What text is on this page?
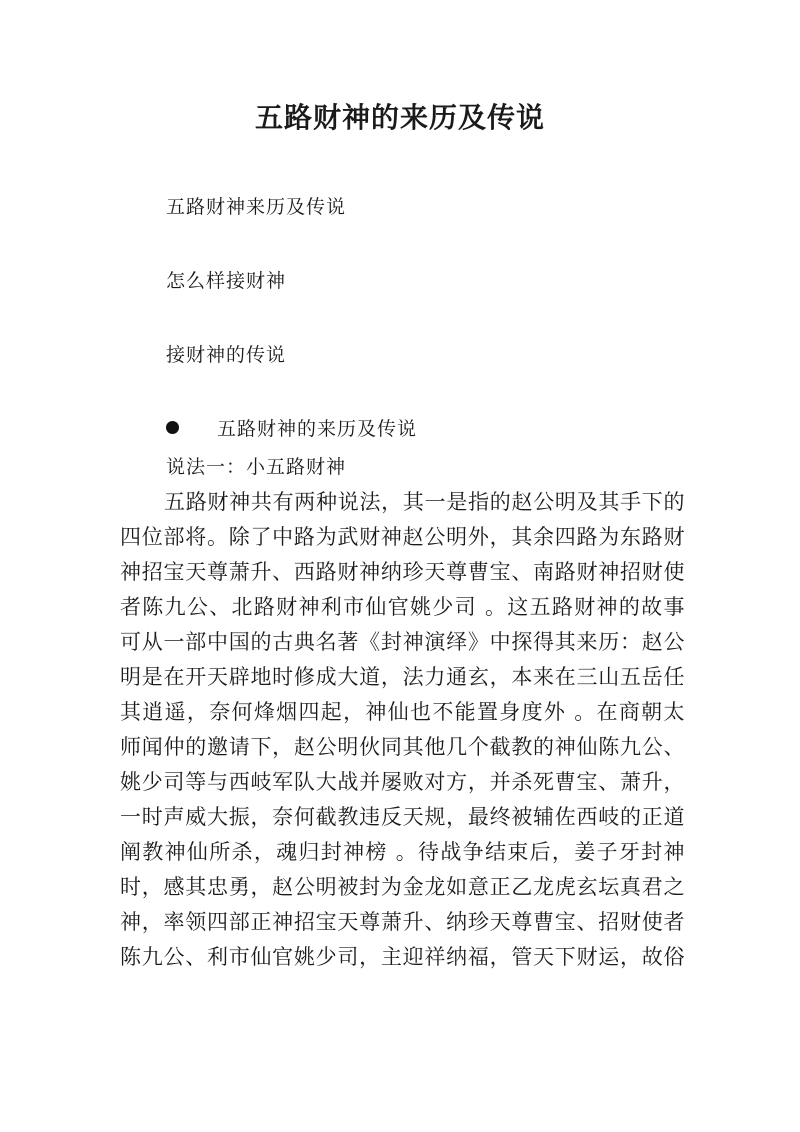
五路财神的来历及传说
五路财神来历及传说
怎么样接财神
接财神的传说
五路财神的来历及传说
说法一：小五路财神

五路财神共有两种说法，其一是指的赵公明及其手下的四位部将。除了中路为武财神赵公明外，其余四路为东路财神招宝天尊萧升、西路财神纳珍天尊曹宝、南路财神招财使者陈九公、北路财神利市仙官姚少司 。这五路财神的故事可从一部中国的古典名著《封神演绎》中探得其来历：赵公明是在开天辟地时修成大道，法力通玄，本来在三山五岳任其逍遥，奈何烽烟四起，神仙也不能置身度外 。在商朝太师闻仲的邀请下，赵公明伙同其他几个截教的神仙陈九公、姚少司等与西岐军队大战并屡败对方，并杀死曹宝、萧升，一时声威大振，奈何截教违反天规，最终被辅佐西岐的正道阐教神仙所杀，魂归封神榜 。待战争结束后，姜子牙封神时，感其忠勇，赵公明被封为金龙如意正乙龙虎玄坛真君之神，率领四部正神招宝天尊萧升、纳珍天尊曹宝、招财使者陈九公、利市仙官姚少司，主迎祥纳福，管天下财运，故俗
